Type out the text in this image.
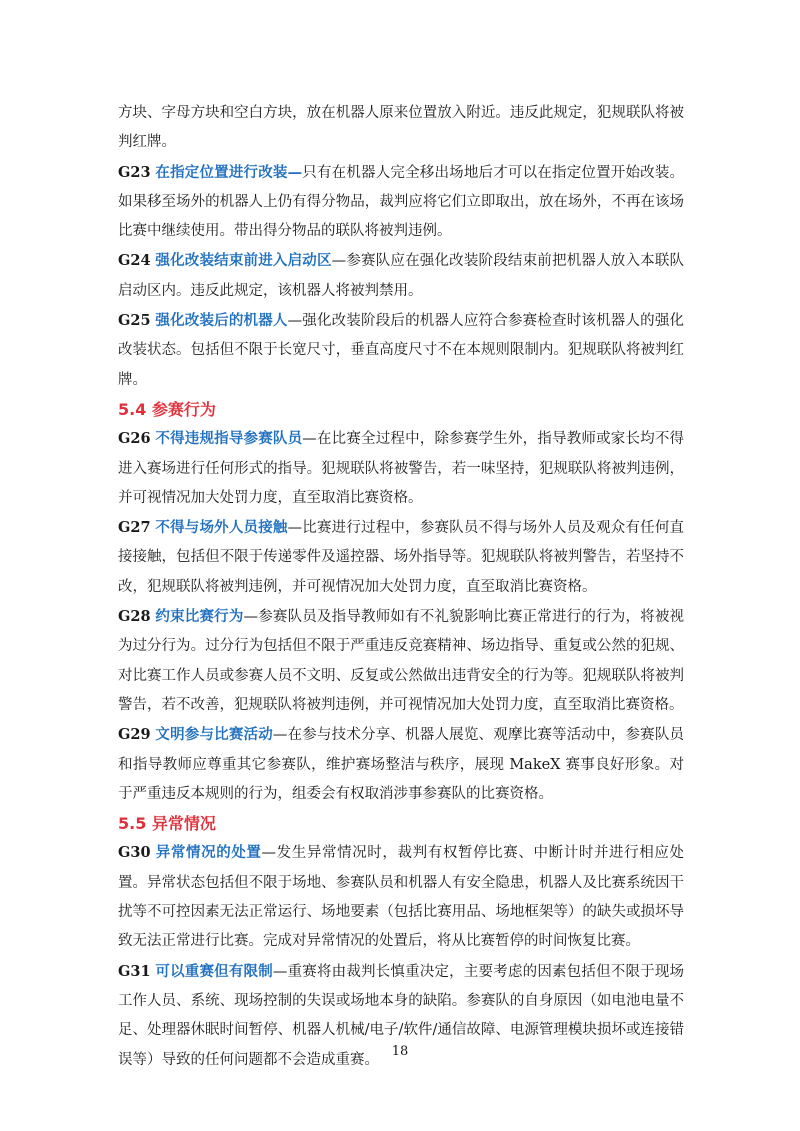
方块、字母方块和空白方块，放在机器人原来位置放入附近。违反此规定，犯规联队将被判红牌。

G23 在指定位置进行改装—只有在机器人完全移出场地后才可以在指定位置开始改装。如果移至场外的机器人上仍有得分物品，裁判应将它们立即取出，放在场外，不再在该场比赛中继续使用。带出得分物品的联队将被判违例。

G24 强化改装结束前进入启动区—参赛队应在强化改装阶段结束前把机器人放入本联队启动区内。违反此规定，该机器人将被判禁用。

G25 强化改装后的机器人—强化改装阶段后的机器人应符合参赛检查时该机器人的强化改装状态。包括但不限于长宽尺寸，垂直高度尺寸不在本规则限制内。犯规联队将被判红牌。

5.4 参赛行为

G26 不得违规指导参赛队员—在比赛全过程中，除参赛学生外，指导教师或家长均不得进入赛场进行任何形式的指导。犯规联队将被警告，若一味坚持，犯规联队将被判违例，并可视情况加大处罚力度，直至取消比赛资格。

G27 不得与场外人员接触—比赛进行过程中，参赛队员不得与场外人员及观众有任何直接接触，包括但不限于传递零件及遥控器、场外指导等。犯规联队将被判警告，若坚持不改，犯规联队将被判违例，并可视情况加大处罚力度，直至取消比赛资格。

G28 约束比赛行为—参赛队员及指导教师如有不礼貌影响比赛正常进行的行为，将被视为过分行为。过分行为包括但不限于严重违反竞赛精神、场边指导、重复或公然的犯规、对比赛工作人员或参赛人员不文明、反复或公然做出违背安全的行为等。犯规联队将被判警告，若不改善，犯规联队将被判违例，并可视情况加大处罚力度，直至取消比赛资格。

G29 文明参与比赛活动—在参与技术分享、机器人展览、观摩比赛等活动中，参赛队员和指导教师应尊重其它参赛队，维护赛场整洁与秩序，展现 MakeX 赛事良好形象。对于严重违反本规则的行为，组委会有权取消涉事参赛队的比赛资格。

5.5 异常情况

G30 异常情况的处置—发生异常情况时，裁判有权暂停比赛、中断计时并进行相应处置。异常状态包括但不限于场地、参赛队员和机器人有安全隐患，机器人及比赛系统因干扰等不可控因素无法正常运行、场地要素（包括比赛用品、场地框架等）的缺失或损坏导致无法正常进行比赛。完成对异常情况的处置后，将从比赛暂停的时间恢复比赛。

G31 可以重赛但有限制—重赛将由裁判长慎重决定，主要考虑的因素包括但不限于现场工作人员、系统、现场控制的失误或场地本身的缺陷。参赛队的自身原因（如电池电量不足、处理器休眠时间暂停、机器人机械/电子/软件/通信故障、电源管理模块损坏或连接错误等）导致的任何问题都不会造成重赛。 18
